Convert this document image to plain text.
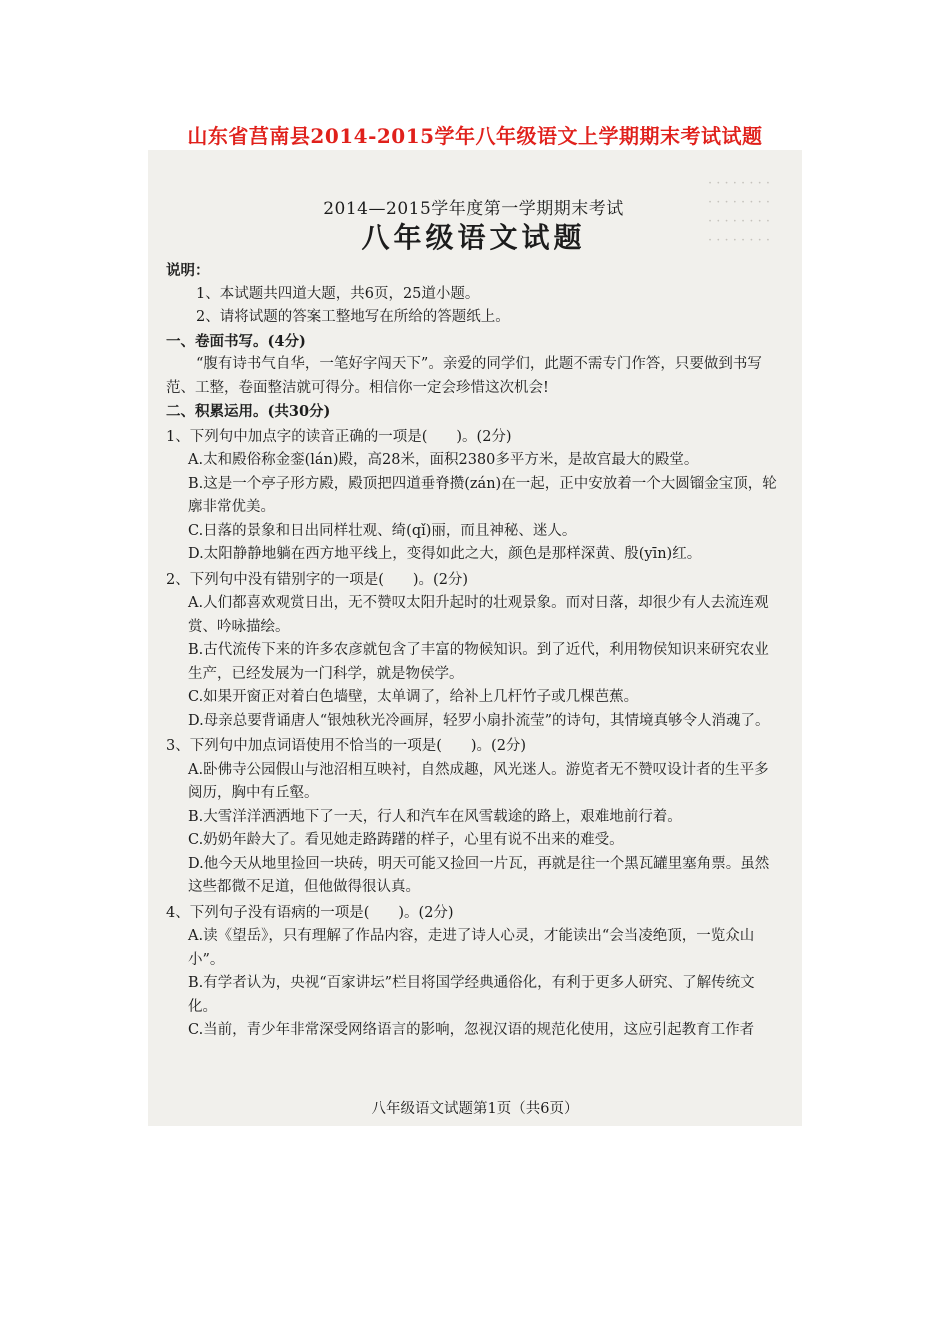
山东省莒南县2014-2015学年八年级语文上学期期末考试试题
· · · · · · · ·
· · · · · · · ·
· · · · · · · ·
· · · · · · · ·
2014—2015学年度第一学期期末考试
八年级语文试题
说明：
1、本试题共四道大题，共6页，25道小题。
2、请将试题的答案工整地写在所给的答题纸上。
一、卷面书写。(4分)
“腹有诗书气自华，一笔好字闯天下”。亲爱的同学们，此题不需专门作答，只要做到书写范、工整，卷面整洁就可得分。相信你一定会珍惜这次机会!
二、积累运用。(共30分)
1、下列句中加点字的读音正确的一项是(　　)。(2分)
A.太和殿俗称金銮(lán)殿，高28米，面积2380多平方米，是故宫最大的殿堂。
B.这是一个亭子形方殿，殿顶把四道垂脊攒(zán)在一起，正中安放着一个大圆镏金宝顶，轮廓非常优美。
C.日落的景象和日出同样壮观、绮(qǐ)丽，而且神秘、迷人。
D.太阳静静地躺在西方地平线上，变得如此之大，颜色是那样深黄、殷(yīn)红。
2、下列句中没有错别字的一项是(　　)。(2分)
A.人们都喜欢观赏日出，无不赞叹太阳升起时的壮观景象。而对日落，却很少有人去流连观赏、吟咏描绘。
B.古代流传下来的许多农彦就包含了丰富的物候知识。到了近代，利用物侯知识来研究农业生产，已经发展为一门科学，就是物侯学。
C.如果开窗正对着白色墙壁，太单调了，给补上几杆竹子或几棵芭蕉。
D.母亲总要背诵唐人“银烛秋光冷画屏，轻罗小扇扑流莹”的诗句，其情境真够令人消魂了。
3、下列句中加点词语使用不恰当的一项是(　　)。(2分)
A.卧佛寺公园假山与池沼相互映衬，自然成趣，风光迷人。游览者无不赞叹设计者的生平多阅历，胸中有丘壑。
B.大雪洋洋洒洒地下了一天，行人和汽车在风雪载途的路上，艰难地前行着。
C.奶奶年龄大了。看见她走路踌躇的样子，心里有说不出来的难受。
D.他今天从地里捡回一块砖，明天可能又捡回一片瓦，再就是往一个黑瓦罐里塞角票。虽然这些都微不足道，但他做得很认真。
4、下列句子没有语病的一项是(　　)。(2分)
A.读《望岳》，只有理解了作品内容，走进了诗人心灵，才能读出“会当凌绝顶，一览众山小”。
B.有学者认为，央视“百家讲坛”栏目将国学经典通俗化，有利于更多人研究、了解传统文化。
C.当前，青少年非常深受网络语言的影响，忽视汉语的规范化使用，这应引起教育工作者
八年级语文试题第1页（共6页）
